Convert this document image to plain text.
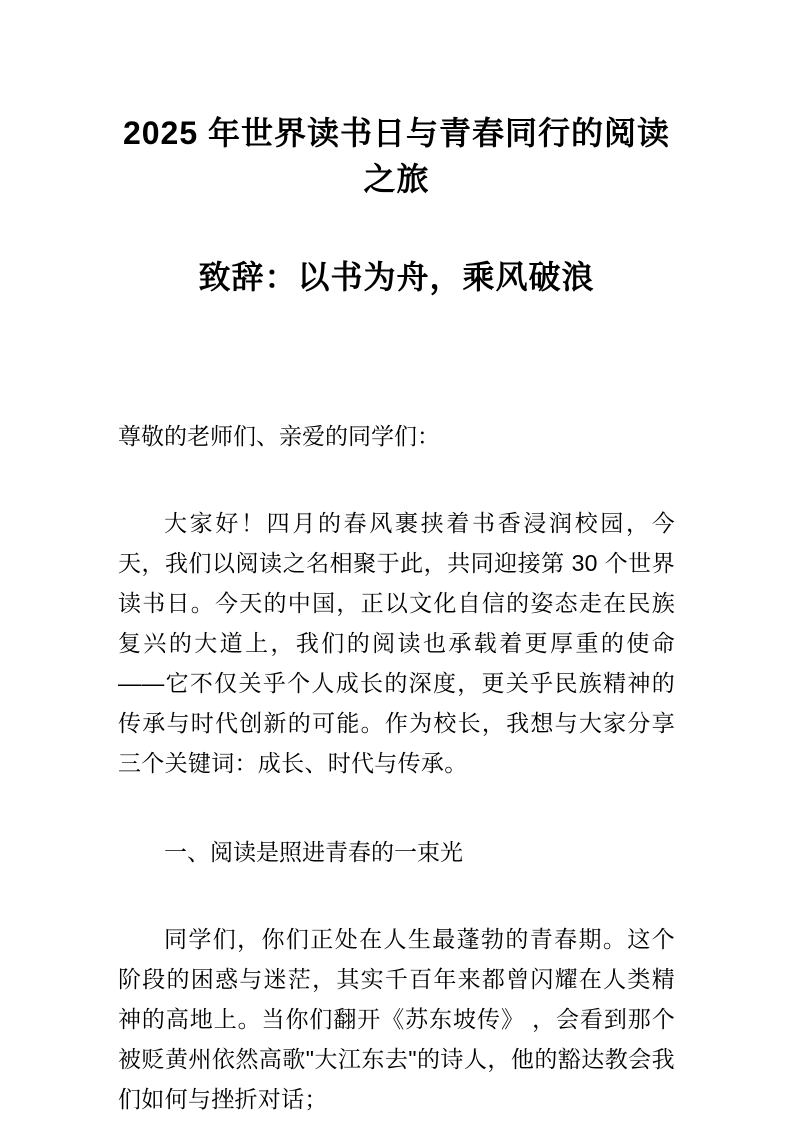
2025 年世界读书日与青春同行的阅读之旅
致辞：以书为舟，乘风破浪

尊敬的老师们、亲爱的同学们：

大家好！四月的春风裹挟着书香浸润校园，今天，我们以阅读之名相聚于此，共同迎接第 30 个世界读书日。今天的中国，正以文化自信的姿态走在民族复兴的大道上，我们的阅读也承载着更厚重的使命——它不仅关乎个人成长的深度，更关乎民族精神的传承与时代创新的可能。作为校长，我想与大家分享三个关键词：成长、时代与传承。

一、阅读是照进青春的一束光

同学们，你们正处在人生最蓬勃的青春期。这个阶段的困惑与迷茫，其实千百年来都曾闪耀在人类精神的高地上。当你们翻开《苏东坡传》 ，会看到那个被贬黄州依然高歌"大江东去"的诗人，他的豁达教会我们如何与挫折对话；
